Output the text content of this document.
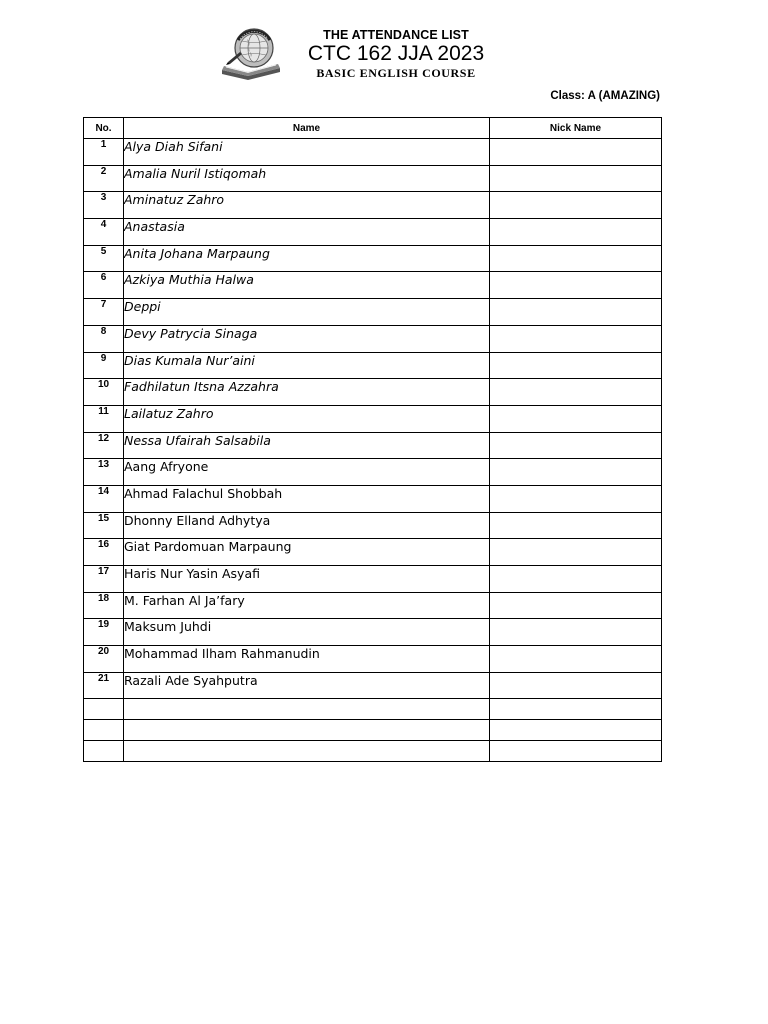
THE ATTENDANCE LIST
CTC 162 JJA 2023
BASIC ENGLISH COURSE
Class: A (AMAZING)
No.	Name	Nick Name
1	Alya Diah Sifani	
2	Amalia Nuril Istiqomah	
3	Aminatuz Zahro	
4	Anastasia	
5	Anita Johana Marpaung	
6	Azkiya Muthia Halwa	
7	Deppi	
8	Devy Patrycia Sinaga	
9	Dias Kumala Nur’aini	
10	Fadhilatun Itsna Azzahra	
11	Lailatuz Zahro	
12	Nessa Ufairah Salsabila	
13	Aang Afryone	
14	Ahmad Falachul Shobbah	
15	Dhonny Elland Adhytya	
16	Giat Pardomuan Marpaung	
17	Haris Nur Yasin Asyafi	
18	M. Farhan Al Ja’fary	
19	Maksum Juhdi	
20	Mohammad Ilham Rahmanudin	
21	Razali Ade Syahputra	
